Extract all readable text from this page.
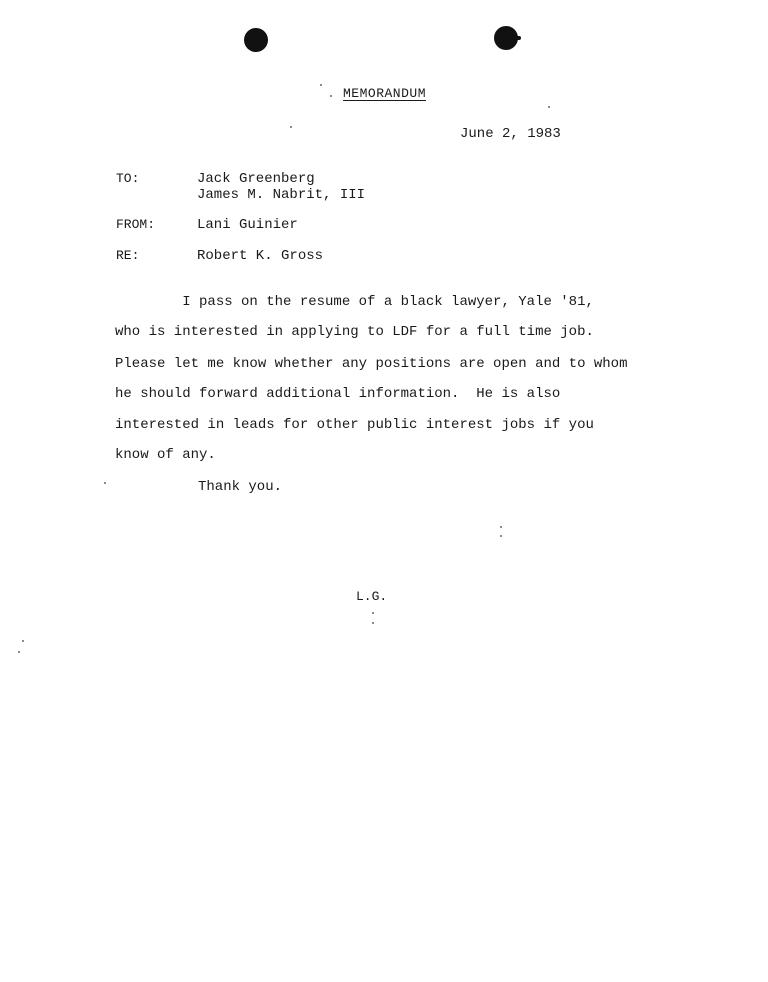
MEMORANDUM
June 2, 1983
TO:	Jack Greenberg
James M. Nabrit, III
FROM:	Lani Guinier
RE:	Robert K. Gross
I pass on the resume of a black lawyer, Yale '81,
who is interested in applying to LDF for a full time job.
Please let me know whether any positions are open and to whom
he should forward additional information.  He is also
interested in leads for other public interest jobs if you
know of any.
Thank you.
L.G.
